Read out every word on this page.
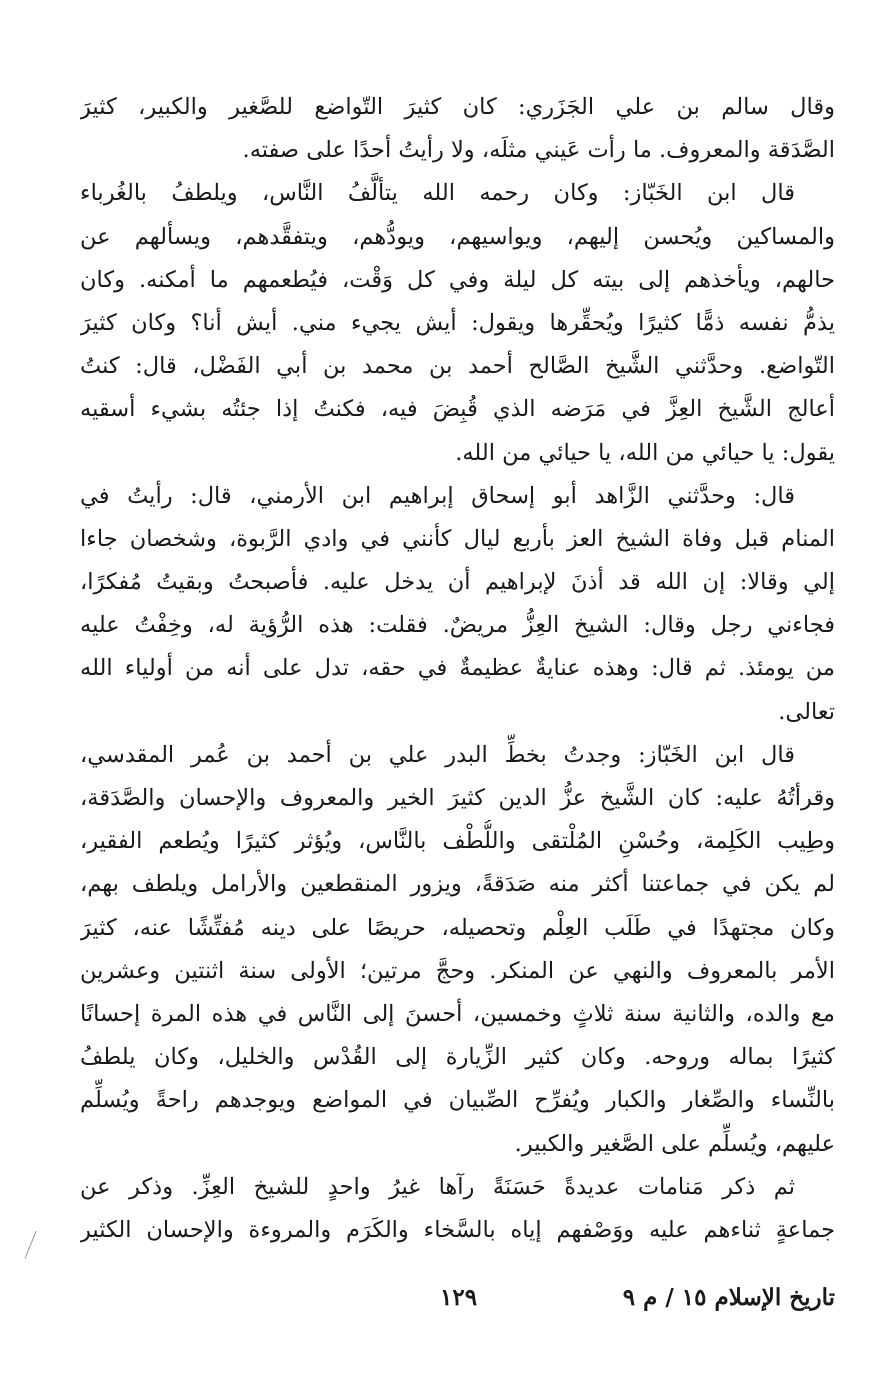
وقال سالم بن علي الجَزَري: كان كثيرَ التّواضع للصَّغير والكبير، كثيرَ
الصَّدَقة والمعروف. ما رأت عَيني مثلَه، ولا رأيتُ أحدًا على صفته.
قال ابن الخَبّاز: وكان رحمه الله يتألَّفُ النَّاس، ويلطفُ بالغُرباء
والمساكين ويُحسن إليهم، ويواسيهم، ويودُّهم، ويتفقَّدهم، ويسألهم عن
حالهم، ويأخذهم إلى بيته كل ليلة وفي كل وَقْت، فيُطعمهم ما أمكنه. وكان
يذمُّ نفسه ذمًّا كثيرًا ويُحقِّرها ويقول: أيش يجيء مني. أيش أنا؟ وكان كثيرَ
التّواضع. وحدَّثني الشَّيخ الصَّالح أحمد بن محمد بن أبي الفَضْل، قال: كنتُ
أعالج الشَّيخ العِزَّ في مَرَضه الذي قُبِضَ فيه، فكنتُ إذا جئتُه بشيء أسقيه
يقول: يا حيائي من الله، يا حيائي من الله.
قال: وحدَّثني الزَّاهد أبو إسحاق إبراهيم ابن الأرمني، قال: رأيتُ في
المنام قبل وفاة الشيخ العز بأربع ليال كأنني في وادي الرَّبوة، وشخصان جاءا
إلي وقالا: إن الله قد أذنَ لإبراهيم أن يدخل عليه. فأصبحتُ وبقيتُ مُفكرًا،
فجاءني رجل وقال: الشيخ العِزُّ مريضٌ. فقلت: هذه الرُّؤية له، وخِفْتُ عليه
من يومئذ. ثم قال: وهذه عنايةٌ عظيمةٌ في حقه، تدل على أنه من أولياء الله
تعالى.
قال ابن الخَبّاز: وجدتُ بخطِّ البدر علي بن أحمد بن عُمر المقدسي،
وقرأتُهُ عليه: كان الشَّيخ عزُّ الدين كثيرَ الخير والمعروف والإحسان والصَّدَقة،
وطِيب الكَلِمة، وحُسْنِ المُلْتقى واللُّطْف بالنَّاس، ويُؤثر كثيرًا ويُطعم الفقير،
لم يكن في جماعتنا أكثر منه صَدَقةً، ويزور المنقطعين والأرامل ويلطف بهم،
وكان مجتهدًا في طَلَب العِلْم وتحصيله، حريصًا على دينه مُفتِّشًا عنه، كثيرَ
الأمر بالمعروف والنهي عن المنكر. وحجَّ مرتين؛ الأولى سنة اثنتين وعشرين
مع والده، والثانية سنة ثلاثٍ وخمسين، أحسنَ إلى النَّاس في هذه المرة إحسانًا
كثيرًا بماله وروحه. وكان كثير الزِّيارة إلى القُدْس والخليل، وكان يلطفُ
بالنِّساء والصِّغار والكبار ويُفرِّح الصِّبيان في المواضع ويوجدهم راحةً ويُسلِّم
عليهم، ويُسلِّم على الصَّغير والكبير.
ثم ذكر مَنامات عديدةً حَسَنَةً رآها غيرُ واحدٍ للشيخ العِزِّ. وذكر عن
جماعةٍ ثناءهم عليه ووَصْفهم إياه بالسَّخاء والكَرَم والمروءة والإحسان الكثير
تاريخ الإسلام ١٥ / م ٩
١٢٩
